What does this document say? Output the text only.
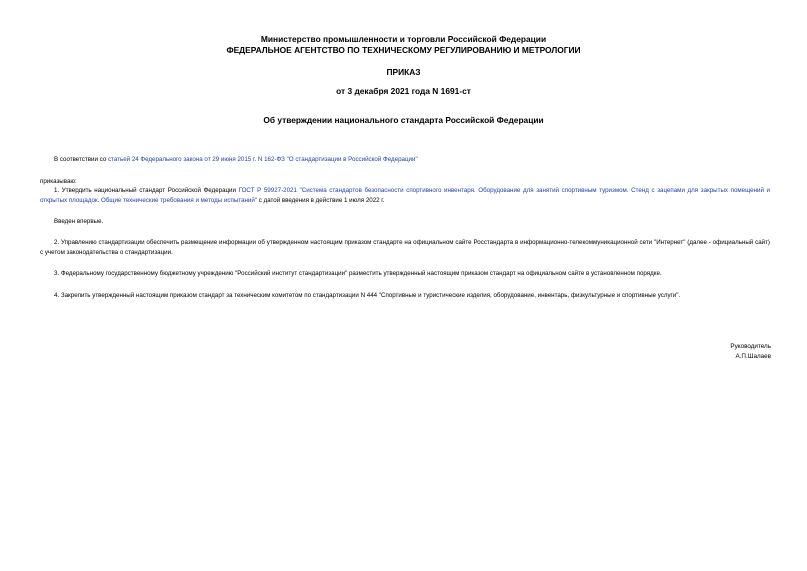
Министерство промышленности и торговли Российской Федерации
ФЕДЕРАЛЬНОЕ АГЕНТСТВО ПО ТЕХНИЧЕСКОМУ РЕГУЛИРОВАНИЮ И МЕТРОЛОГИИ
ПРИКАЗ
от 3 декабря 2021 года N 1691-ст
Об утверждении национального стандарта Российской Федерации
В соответствии со статьей 24 Федерального закона от 29 июня 2015 г. N 162-ФЗ "О стандартизации в Российской Федерации"
приказываю:
1. Утвердить национальный стандарт Российской Федерации ГОСТ Р 59927-2021 "Система стандартов безопасности спортивного инвентаря. Оборудование для занятий спортивным туризмом. Стенд с зацепами для закрытых помещений и открытых площадок. Общие технические требования и методы испытаний" с датой введения в действие 1 июля 2022 г.
Введен впервые.
2. Управлению стандартизации обеспечить размещение информации об утвержденном настоящим приказом стандарте на официальном сайте Росстандарта в информационно-телекоммуникационной сети "Интернет" (далее - официальный сайт) с учетом законодательства о стандартизации.
3. Федеральному государственному бюджетному учреждению "Российский институт стандартизации" разместить утвержденный настоящим приказом стандарт на официальном сайте в установленном порядке.
4. Закрепить утвержденный настоящим приказом стандарт за техническим комитетом по стандартизации N 444 "Спортивные и туристические изделия, оборудование, инвентарь, физкультурные и спортивные услуги".
Руководитель
А.П.Шалаев
